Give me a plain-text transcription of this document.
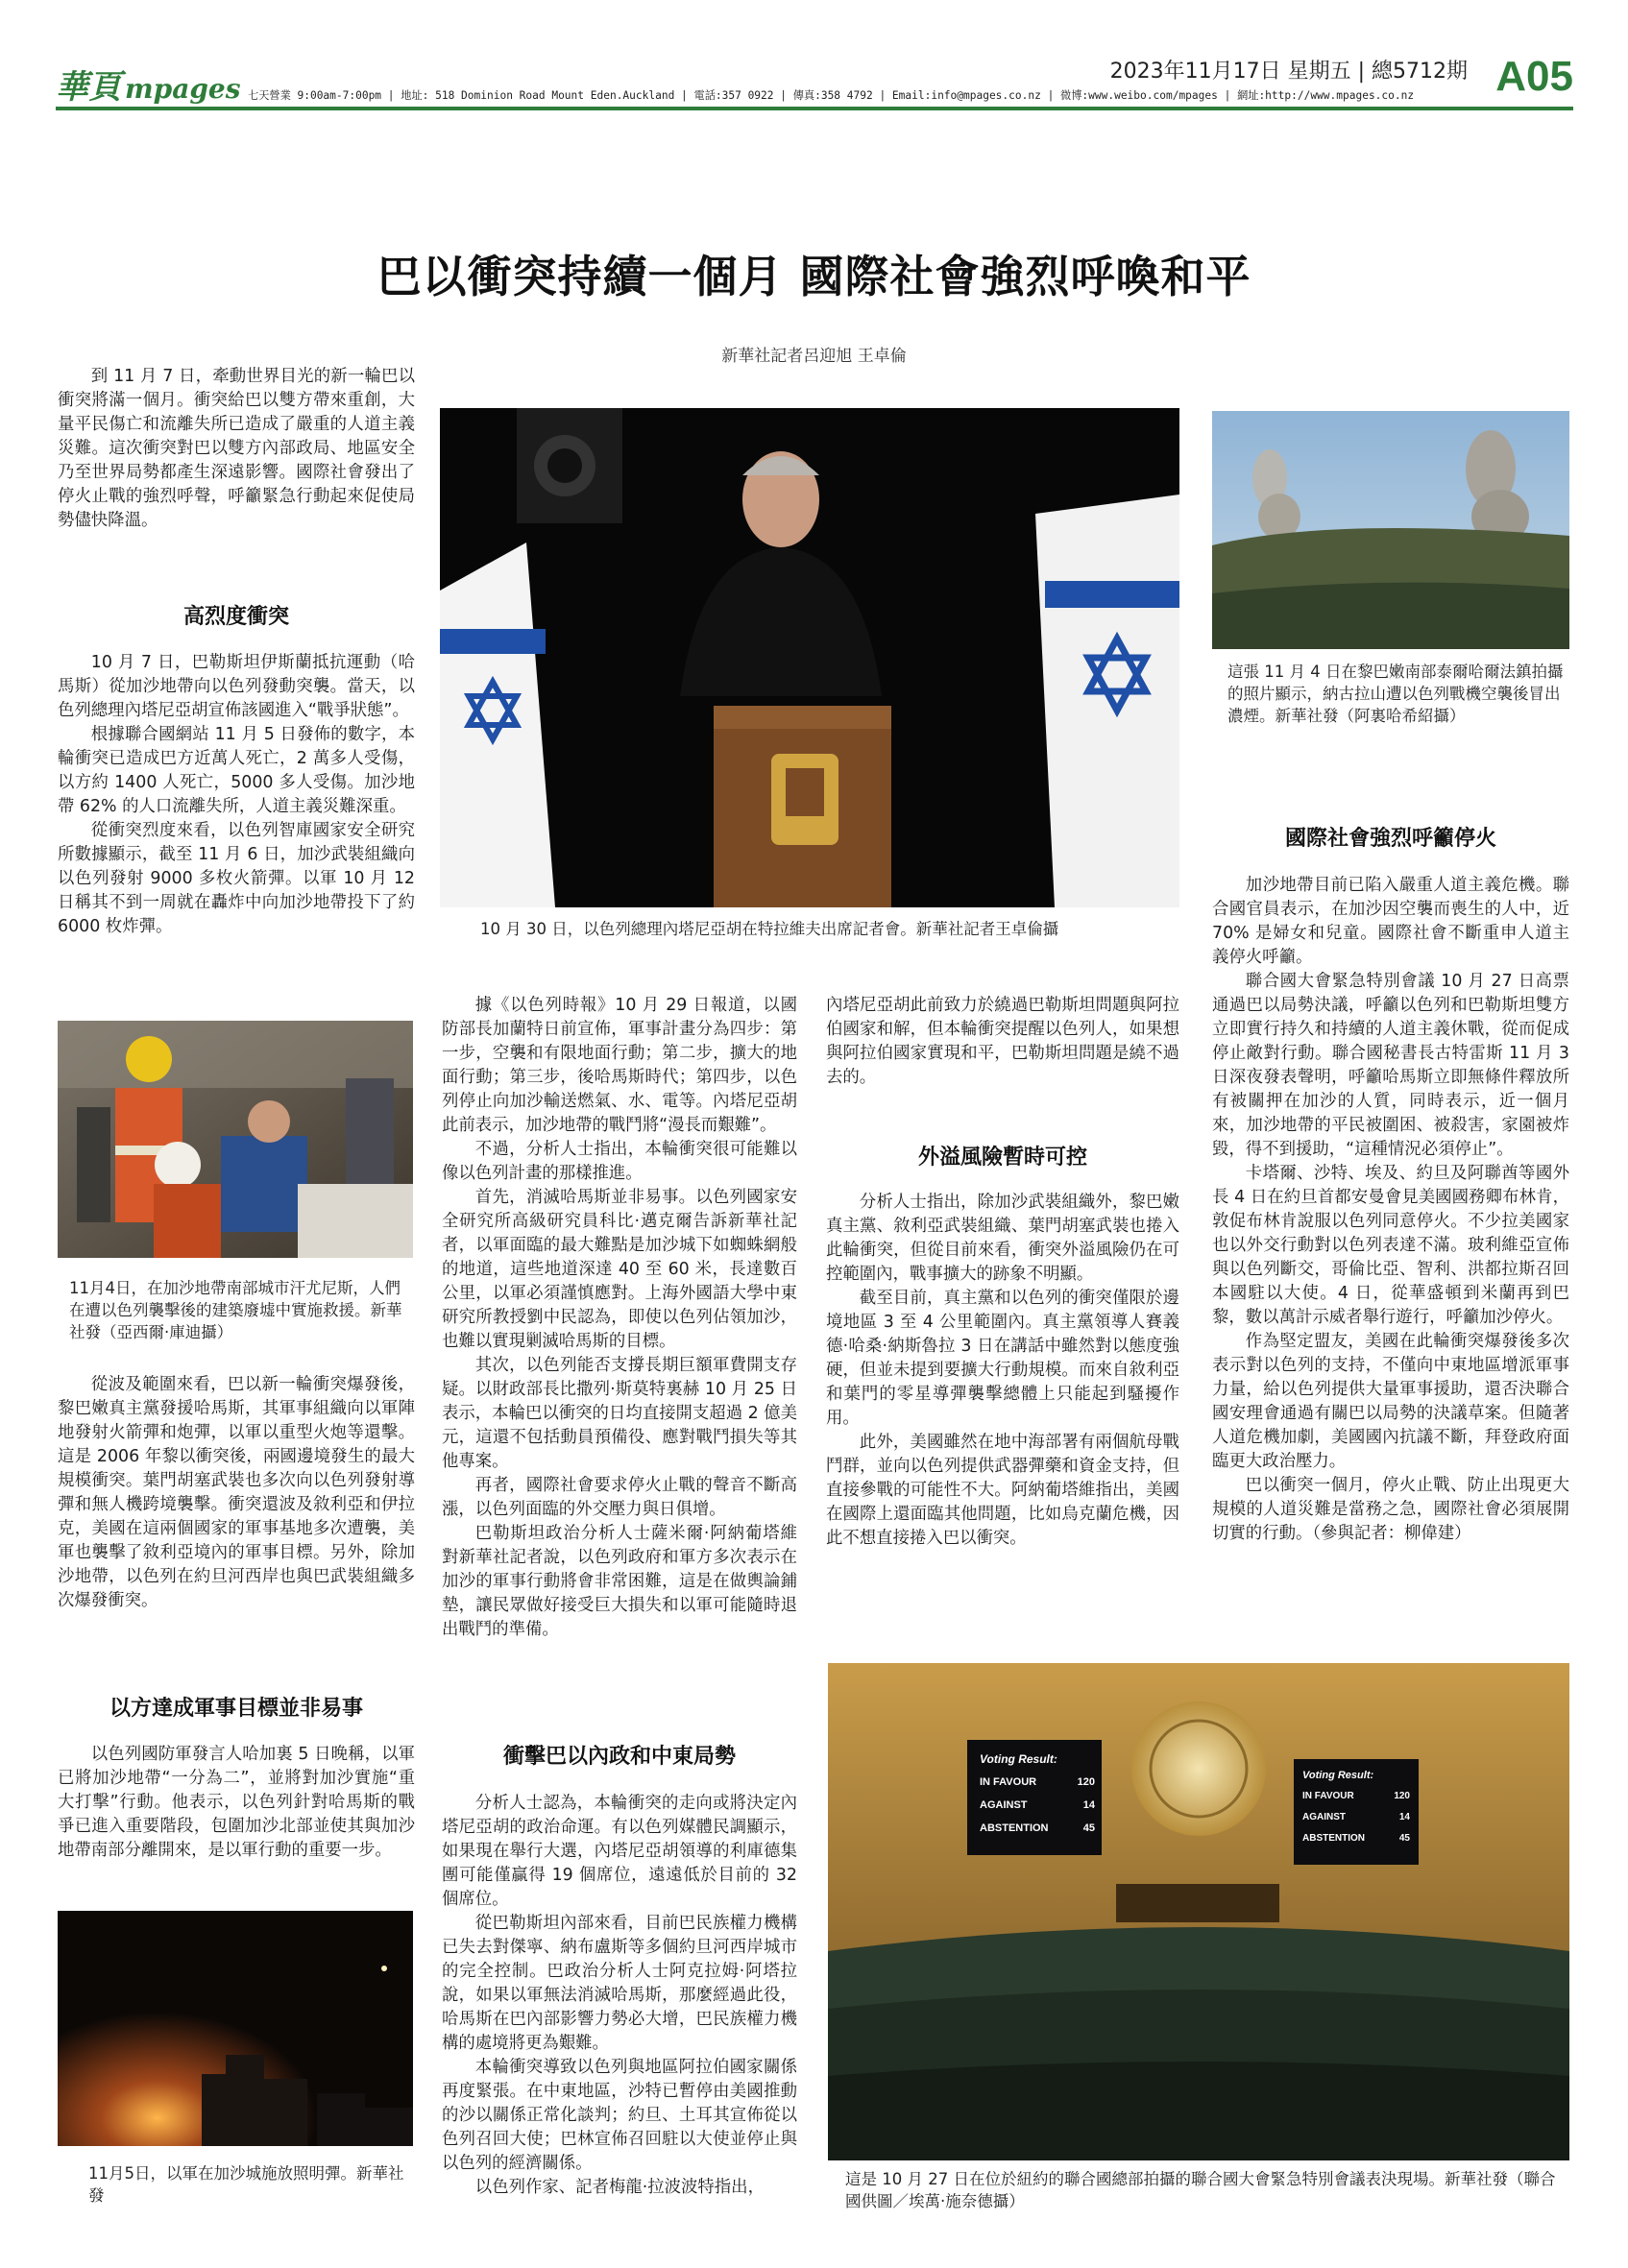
華頁 mpages 七天營業 9:00am-7:00pm | 地址: 518 Dominion Road Mount Eden.Auckland | 電話:357 0922 | 傳真:358 4792 | Email:info@mpages.co.nz | 微博:www.weibo.com/mpages | 網址:http://www.mpages.co.nz
2023年11月17日 星期五 | 總5712期 A05
巴以衝突持續一個月 國際社會強烈呼喚和平
新華社記者呂迎旭 王卓倫

到 11 月 7 日，牽動世界目光的新一輪巴以衝突將滿一個月。衝突給巴以雙方帶來重創，大量平民傷亡和流離失所已造成了嚴重的人道主義災難。這次衝突對巴以雙方內部政局、地區安全乃至世界局勢都產生深遠影響。國際社會發出了停火止戰的強烈呼聲，呼籲緊急行動起來促使局勢儘快降溫。

高烈度衝突

10 月 7 日，巴勒斯坦伊斯蘭抵抗運動（哈馬斯）從加沙地帶向以色列發動突襲。當天，以色列總理內塔尼亞胡宣佈該國進入“戰爭狀態”。

根據聯合國網站 11 月 5 日發佈的數字，本輪衝突已造成巴方近萬人死亡，2 萬多人受傷，以方約 1400 人死亡，5000 多人受傷。加沙地帶 62% 的人口流離失所，人道主義災難深重。

從衝突烈度來看，以色列智庫國家安全研究所數據顯示，截至 11 月 6 日，加沙武裝組織向以色列發射 9000 多枚火箭彈。以軍 10 月 12 日稱其不到一周就在轟炸中向加沙地帶投下了約 6000 枚炸彈。

11月4日，在加沙地帶南部城市汗尤尼斯，人們在遭以色列襲擊後的建築廢墟中實施救援。新華社發（亞西爾·庫迪攝）

從波及範圍來看，巴以新一輪衝突爆發後，黎巴嫩真主黨發援哈馬斯，其軍事組織向以軍陣地發射火箭彈和炮彈，以軍以重型火炮等還擊。這是 2006 年黎以衝突後，兩國邊境發生的最大規模衝突。葉門胡塞武裝也多次向以色列發射導彈和無人機跨境襲擊。衝突還波及敘利亞和伊拉克，美國在這兩個國家的軍事基地多次遭襲，美軍也襲擊了敘利亞境內的軍事目標。另外，除加沙地帶，以色列在約旦河西岸也與巴武裝組織多次爆發衝突。

以方達成軍事目標並非易事

以色列國防軍發言人哈加裏 5 日晚稱，以軍已將加沙地帶“一分為二”，並將對加沙實施“重大打擊”行動。他表示，以色列針對哈馬斯的戰爭已進入重要階段，包圍加沙北部並使其與加沙地帶南部分離開來，是以軍行動的重要一步。

11月5日，以軍在加沙城施放照明彈。新華社發
10 月 30 日，以色列總理內塔尼亞胡在特拉維夫出席記者會。新華社記者王卓倫攝

據《以色列時報》10 月 29 日報道，以國防部長加蘭特日前宣佈，軍事計畫分為四步：第一步，空襲和有限地面行動；第二步，擴大的地面行動；第三步，後哈馬斯時代；第四步，以色列停止向加沙輸送燃氣、水、電等。內塔尼亞胡此前表示，加沙地帶的戰鬥將“漫長而艱難”。

不過，分析人士指出，本輪衝突很可能難以像以色列計畫的那樣推進。

首先，消滅哈馬斯並非易事。以色列國家安全研究所高級研究員科比·邁克爾告訴新華社記者，以軍面臨的最大難點是加沙城下如蜘蛛網般的地道，這些地道深達 40 至 60 米，長達數百公里，以軍必須謹慎應對。上海外國語大學中東研究所教授劉中民認為，即使以色列佔領加沙，也難以實現剿滅哈馬斯的目標。

其次，以色列能否支撐長期巨額軍費開支存疑。以財政部長比撒列·斯莫特裏赫 10 月 25 日表示，本輪巴以衝突的日均直接開支超過 2 億美元，這還不包括動員預備役、應對戰鬥損失等其他專案。

再者，國際社會要求停火止戰的聲音不斷高漲，以色列面臨的外交壓力與日俱增。

巴勒斯坦政治分析人士薩米爾·阿納葡塔維對新華社記者說，以色列政府和軍方多次表示在加沙的軍事行動將會非常困難，這是在做輿論鋪墊，讓民眾做好接受巨大損失和以軍可能隨時退出戰鬥的準備。

衝擊巴以內政和中東局勢

分析人士認為，本輪衝突的走向或將決定內塔尼亞胡的政治命運。有以色列媒體民調顯示，如果現在舉行大選，內塔尼亞胡領導的利庫德集團可能僅贏得 19 個席位，遠遠低於目前的 32 個席位。

從巴勒斯坦內部來看，目前巴民族權力機構已失去對傑寧、納布盧斯等多個約旦河西岸城市的完全控制。巴政治分析人士阿克拉姆·阿塔拉說，如果以軍無法消滅哈馬斯，那麼經過此役，哈馬斯在巴內部影響力勢必大增，巴民族權力機構的處境將更為艱難。

本輪衝突導致以色列與地區阿拉伯國家關係再度緊張。在中東地區，沙特已暫停由美國推動的沙以關係正常化談判；約旦、土耳其宣佈從以色列召回大使；巴林宣佈召回駐以大使並停止與以色列的經濟關係。

以色列作家、記者梅龍·拉波波特指出，

內塔尼亞胡此前致力於繞過巴勒斯坦問題與阿拉伯國家和解，但本輪衝突提醒以色列人，如果想與阿拉伯國家實現和平，巴勒斯坦問題是繞不過去的。

外溢風險暫時可控

分析人士指出，除加沙武裝組織外，黎巴嫩真主黨、敘利亞武裝組織、葉門胡塞武裝也捲入此輪衝突，但從目前來看，衝突外溢風險仍在可控範圍內，戰事擴大的跡象不明顯。

截至目前，真主黨和以色列的衝突僅限於邊境地區 3 至 4 公里範圍內。真主黨領導人賽義德·哈桑·納斯魯拉 3 日在講話中雖然對以態度強硬，但並未提到要擴大行動規模。而來自敘利亞和葉門的零星導彈襲擊總體上只能起到騷擾作用。

此外，美國雖然在地中海部署有兩個航母戰鬥群，並向以色列提供武器彈藥和資金支持，但直接參戰的可能性不大。阿納葡塔維指出，美國在國際上還面臨其他問題，比如烏克蘭危機，因此不想直接捲入巴以衝突。

這張 11 月 4 日在黎巴嫩南部泰爾哈爾法鎮拍攝的照片顯示，納古拉山遭以色列戰機空襲後冒出濃煙。新華社發（阿裏哈希紹攝）
國際社會強烈呼籲停火

加沙地帶目前已陷入嚴重人道主義危機。聯合國官員表示，在加沙因空襲而喪生的人中，近 70% 是婦女和兒童。國際社會不斷重申人道主義停火呼籲。

聯合國大會緊急特別會議 10 月 27 日高票通過巴以局勢決議，呼籲以色列和巴勒斯坦雙方立即實行持久和持續的人道主義休戰，從而促成停止敵對行動。聯合國秘書長古特雷斯 11 月 3 日深夜發表聲明，呼籲哈馬斯立即無條件釋放所有被關押在加沙的人質，同時表示，近一個月來，加沙地帶的平民被圍困、被殺害，家園被炸毀，得不到援助，“這種情況必須停止”。

卡塔爾、沙特、埃及、約旦及阿聯酋等國外長 4 日在約旦首都安曼會見美國國務卿布林肯，敦促布林肯說服以色列同意停火。不少拉美國家也以外交行動對以色列表達不滿。玻利維亞宣佈與以色列斷交，哥倫比亞、智利、洪都拉斯召回本國駐以大使。4 日，從華盛頓到米蘭再到巴黎，數以萬計示威者舉行遊行，呼籲加沙停火。

作為堅定盟友，美國在此輪衝突爆發後多次表示對以色列的支持，不僅向中東地區增派軍事力量，給以色列提供大量軍事援助，還否決聯合國安理會通過有關巴以局勢的決議草案。但隨著人道危機加劇，美國國內抗議不斷，拜登政府面臨更大政治壓力。

巴以衝突一個月，停火止戰、防止出現更大規模的人道災難是當務之急，國際社會必須展開切實的行動。（參與記者：柳偉建）

Voting Result:
IN FAVOUR	120
AGAINST	14
ABSTENTION	45
Voting Result:
IN FAVOUR	120
AGAINST	14
ABSTENTION	45
這是 10 月 27 日在位於紐約的聯合國總部拍攝的聯合國大會緊急特別會議表決現場。新華社發（聯合國供圖／埃萬·施奈德攝）
